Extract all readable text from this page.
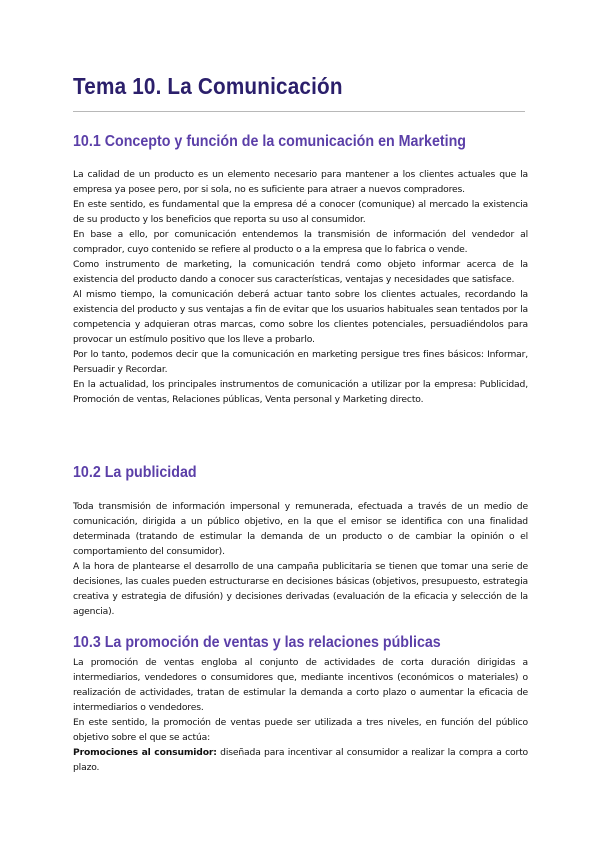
Tema 10. La Comunicación
10.1 Concepto y función de la comunicación en Marketing

La calidad de un producto es un elemento necesario para mantener a los clientes actuales que la empresa ya posee pero, por si sola, no es suficiente para atraer a nuevos compradores.

En este sentido, es fundamental que la empresa dé a conocer (comunique) al mercado la existencia de su producto y los beneficios que reporta su uso al consumidor.

En base a ello, por comunicación entendemos la transmisión de información del vendedor al comprador, cuyo contenido se refiere al producto o a la empresa que lo fabrica o vende.

Como instrumento de marketing, la comunicación tendrá como objeto informar acerca de la existencia del producto dando a conocer sus características, ventajas y necesidades que satisface.

Al mismo tiempo, la comunicación deberá actuar tanto sobre los clientes actuales, recordando la existencia del producto y sus ventajas a fin de evitar que los usuarios habituales sean tentados por la competencia y adquieran otras marcas, como sobre los clientes potenciales, persuadiéndolos para provocar un estímulo positivo que los lleve a probarlo.

Por lo tanto, podemos decir que la comunicación en marketing persigue tres fines básicos: Informar, Persuadir y Recordar.

En la actualidad, los principales instrumentos de comunicación a utilizar por la empresa: Publicidad, Promoción de ventas, Relaciones públicas, Venta personal y Marketing directo.

10.2 La publicidad

Toda transmisión de información impersonal y remunerada, efectuada a través de un medio de comunicación, dirigida a un público objetivo, en la que el emisor se identifica con una finalidad determinada (tratando de estimular la demanda de un producto o de cambiar la opinión o el comportamiento del consumidor).

A la hora de plantearse el desarrollo de una campaña publicitaria se tienen que tomar una serie de decisiones, las cuales pueden estructurarse en decisiones básicas (objetivos, presupuesto, estrategia creativa y estrategia de difusión) y decisiones derivadas (evaluación de la eficacia y selección de la agencia).

10.3 La promoción de ventas y las relaciones públicas

La promoción de ventas engloba al conjunto de actividades de corta duración dirigidas a intermediarios, vendedores o consumidores que, mediante incentivos (económicos o materiales) o realización de actividades, tratan de estimular la demanda a corto plazo o aumentar la eficacia de intermediarios o vendedores.

En este sentido, la promoción de ventas puede ser utilizada a tres niveles, en función del público objetivo sobre el que se actúa:

Promociones al consumidor: diseñada para incentivar al consumidor a realizar la compra a corto plazo.
